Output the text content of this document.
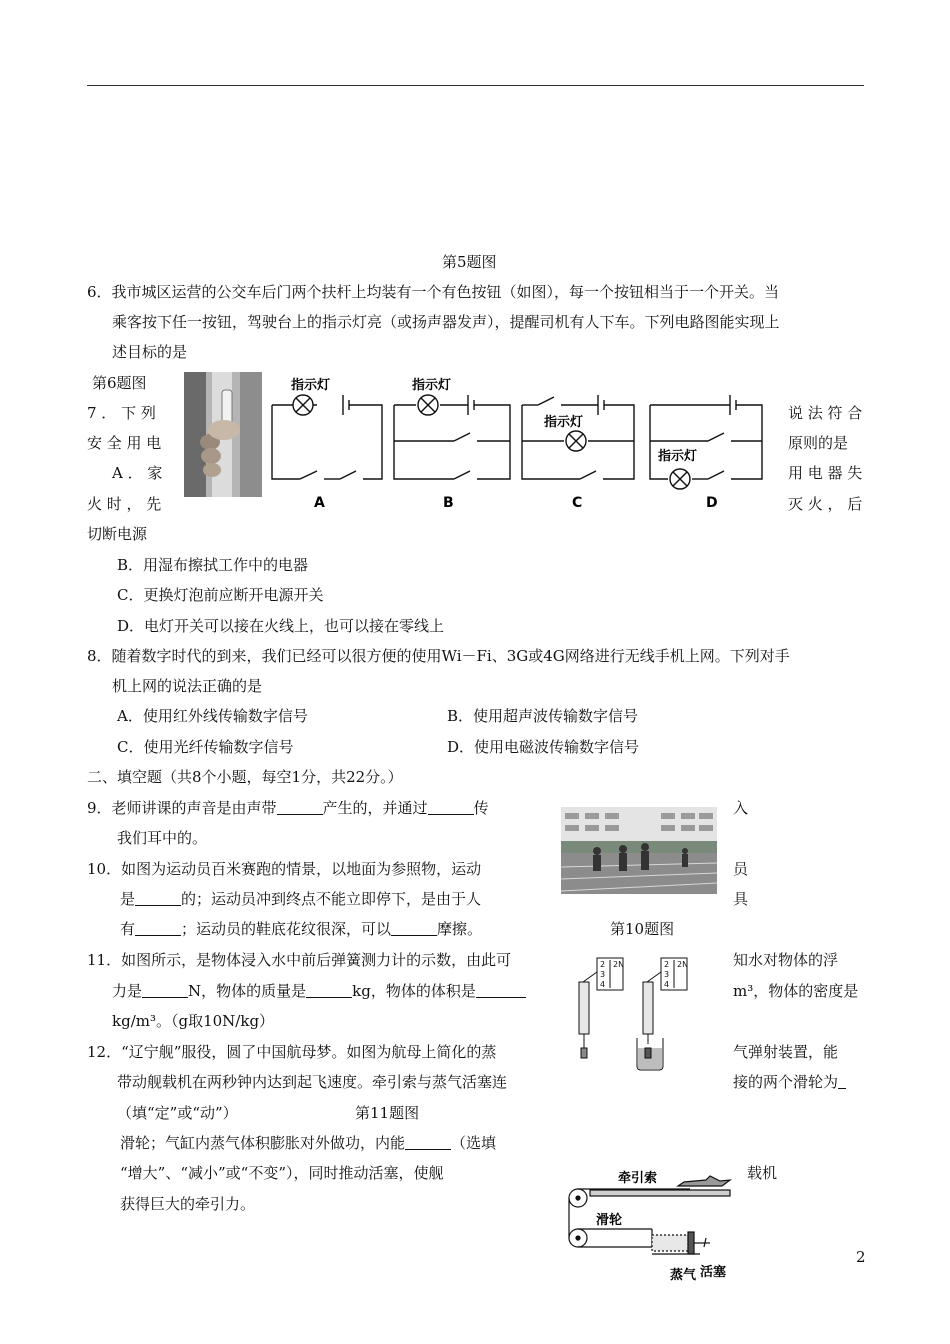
第5题图
6．我市城区运营的公交车后门两个扶杆上均装有一个有色按钮（如图），每一个按钮相当于一个开关。当
乘客按下任一按钮，驾驶台上的指示灯亮（或扬声器发声），提醒司机有人下车。下列电路图能实现上
述目标的是
第6题图	指示灯	指示灯
指示灯
指示灯
A	B	C	D
7 ． 下 列
安 全 用 电
A ． 家
火 时 ， 先
切断电源
说 法 符 合
原则的是
用 电 器 失
灭 火 ， 后
B．用湿布擦拭工作中的电器
C．更换灯泡前应断开电源开关
D．电灯开关可以接在火线上，也可以接在零线上
8．随着数字时代的到来，我们已经可以很方便的使用Wi－Fi、3G或4G网络进行无线手机上网。下列对手
机上网的说法正确的是
A．使用红外线传输数字信号	B．使用超声波传输数字信号
C．使用光纤传输数字信号	D．使用电磁波传输数字信号
二、填空题（共8个小题，每空1分，共22分。）
9．老师讲课的声音是由声带	产生的，并通过	传	入
我们耳中的。
10．如图为运动员百米赛跑的情景，以地面为参照物，运动	员
是	的；运动员冲到终点不能立即停下，是由于人	具
有	；运动员的鞋底花纹很深，可以	摩擦。	第10题图
2
3
4
2N	2
3
4
2N
11．如图所示，是物体浸入水中前后弹簧测力计的示数，由此可	知水对物体的浮
力是	N，物体的质量是	kg，物体的体积是	m³，物体的密度是
kg/m³。（g取10N/kg）
12．“辽宁舰”服役，圆了中国航母梦。如图为航母上简化的蒸	气弹射装置，能
带动舰载机在两秒钟内达到起飞速度。牵引索与蒸气活塞连	接的两个滑轮为
（填“定”或“动”）	第11题图
滑轮；气缸内蒸气体积膨胀对外做功，内能	（选填
“增大”、“减小”或“不变”），同时推动活塞，使舰	载机
获得巨大的牵引力。
牵引索
滑轮
蒸气 活塞
2
